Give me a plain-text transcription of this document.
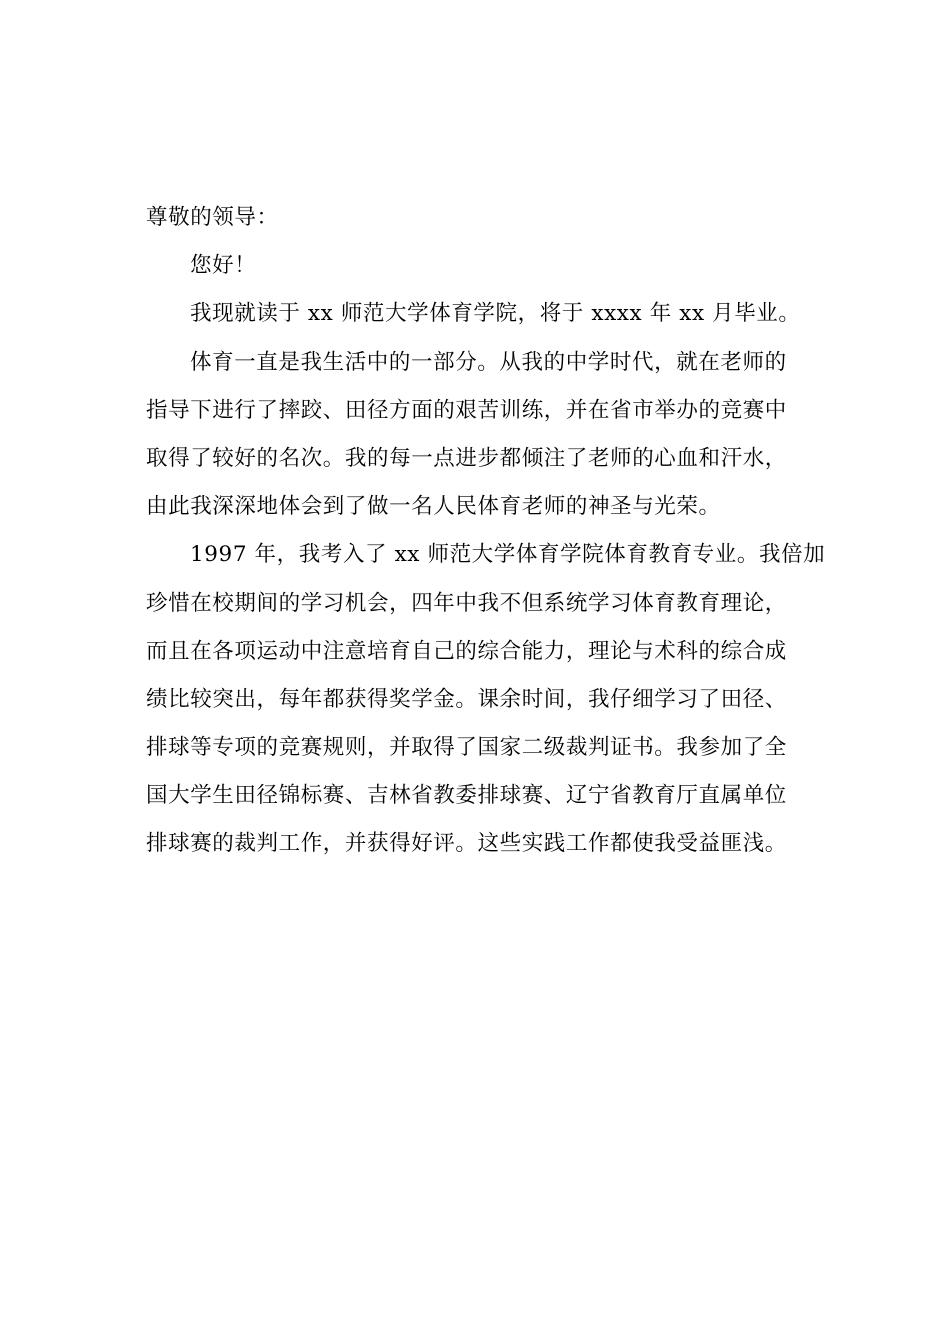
尊敬的领导：
您好！
我现就读于 xx 师范大学体育学院，将于 xxxx 年 xx 月毕业。
体育一直是我生活中的一部分。从我的中学时代，就在老师的
指导下进行了摔跤、田径方面的艰苦训练，并在省市举办的竞赛中
取得了较好的名次。我的每一点进步都倾注了老师的心血和汗水，
由此我深深地体会到了做一名人民体育老师的神圣与光荣。
1997 年，我考入了 xx 师范大学体育学院体育教育专业。我倍加
珍惜在校期间的学习机会，四年中我不但系统学习体育教育理论，
而且在各项运动中注意培育自己的综合能力，理论与术科的综合成
绩比较突出，每年都获得奖学金。课余时间，我仔细学习了田径、
排球等专项的竞赛规则，并取得了国家二级裁判证书。我参加了全
国大学生田径锦标赛、吉林省教委排球赛、辽宁省教育厅直属单位
排球赛的裁判工作，并获得好评。这些实践工作都使我受益匪浅。
